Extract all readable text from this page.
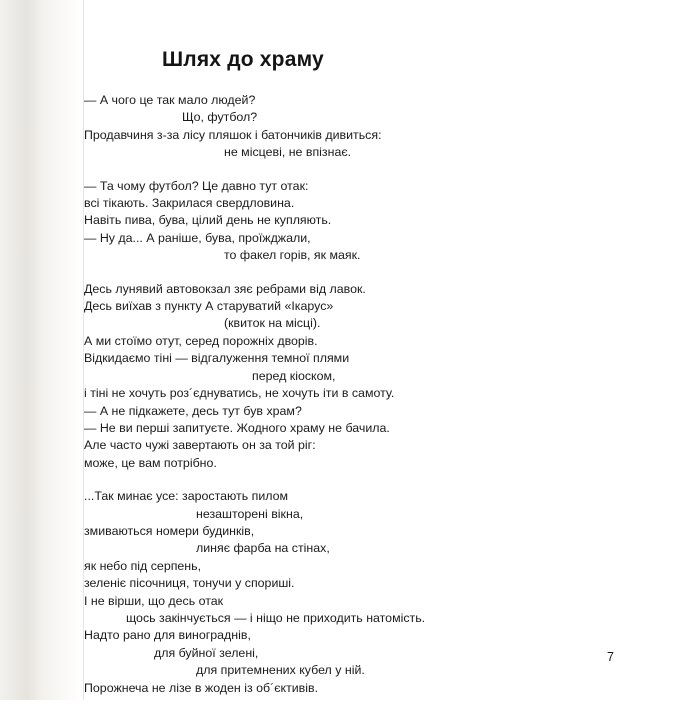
Шлях до храму
— А чого це так мало людей?
Що, футбол?
Продавчиня з-за лісу пляшок і батончиків дивиться:
не місцеві, не впізнає.
— Та чому футбол? Це давно тут отак:
всі тікають. Закрилася свердловина.
Навіть пива, бува, цілий день не купляють.
— Ну да... А раніше, бува, проїжджали,
то факел горів, як маяк.
Десь лунявий автовокзал зяє ребрами від лавок.
Десь виїхав з пункту А старуватий «Ікарус»
(квиток на місці).
А ми стоїмо отут, серед порожніх дворів.
Відкидаємо тіні — відгалуження темної плями
перед кіоском,
і тіні не хочуть роз´єднуватись, не хочуть іти в самоту.
— А не підкажете, десь тут був храм?
— Не ви перші запитуєте. Жодного храму не бачила.
Але часто чужі завертають он за той ріг:
може, це вам потрібно.
...Так минає усе: заростають пилом
незашторені вікна,
змиваються номери будинків,
линяє фарба на стінах,
як небо під серпень,
зеленіє пісочниця, тонучи у спориші.
І не вірши, що десь отак
щось закінчується — і ніщо не приходить натомість.
Надто рано для винограднів,
для буйної зелені,
для притемнених кубел у ній.
Порожнеча не лізе в жоден із об´єктивів.
7
